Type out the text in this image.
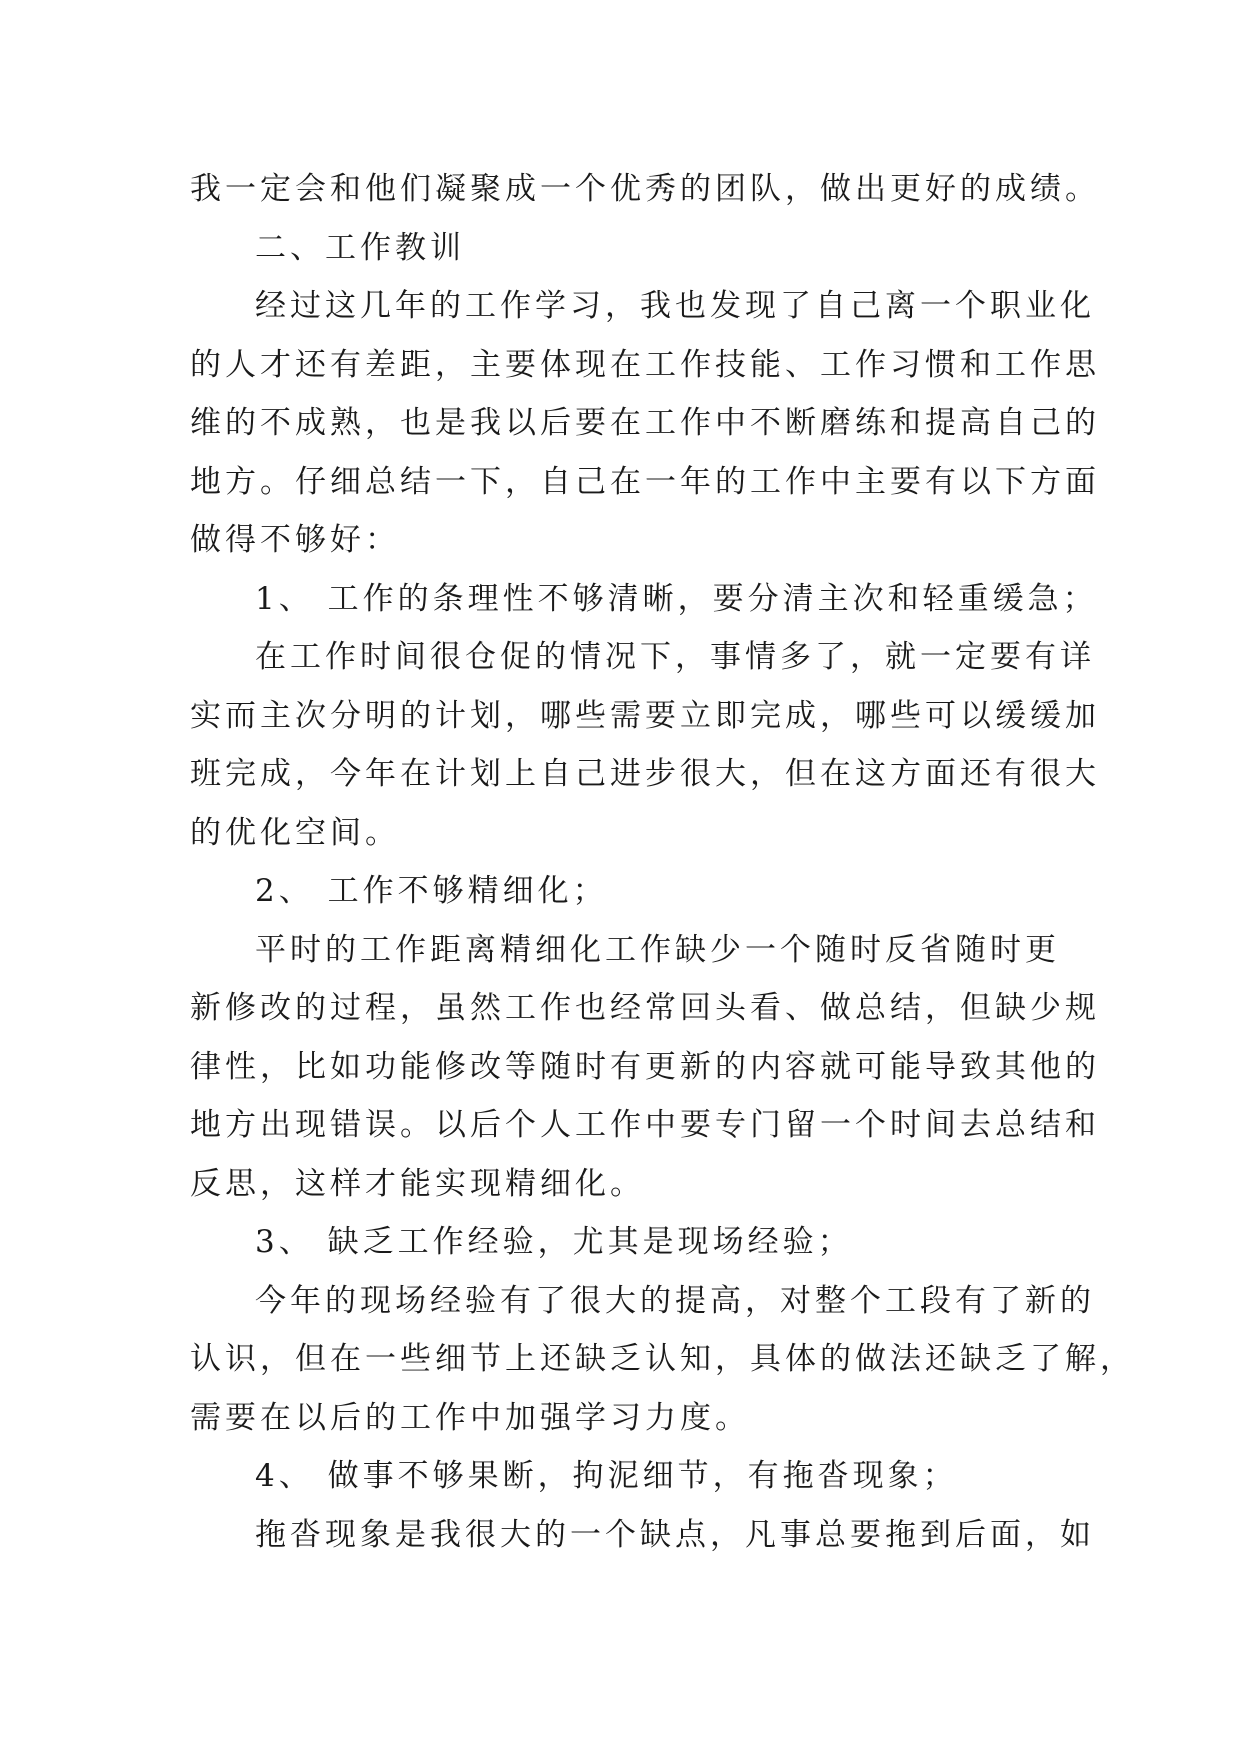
我一定会和他们凝聚成一个优秀的团队，做出更好的成绩。
二、工作教训
经过这几年的工作学习，我也发现了自己离一个职业化
的人才还有差距，主要体现在工作技能、工作习惯和工作思
维的不成熟，也是我以后要在工作中不断磨练和提高自己的
地方。仔细总结一下，自己在一年的工作中主要有以下方面
做得不够好：
1、 工作的条理性不够清晰，要分清主次和轻重缓急；
在工作时间很仓促的情况下，事情多了，就一定要有详
实而主次分明的计划，哪些需要立即完成，哪些可以缓缓加
班完成，今年在计划上自己进步很大，但在这方面还有很大
的优化空间。
2、 工作不够精细化；
平时的工作距离精细化工作缺少一个随时反省随时更
新修改的过程，虽然工作也经常回头看、做总结，但缺少规
律性，比如功能修改等随时有更新的内容就可能导致其他的
地方出现错误。以后个人工作中要专门留一个时间去总结和
反思，这样才能实现精细化。
3、 缺乏工作经验，尤其是现场经验；
今年的现场经验有了很大的提高，对整个工段有了新的
认识，但在一些细节上还缺乏认知，具体的做法还缺乏了解，
需要在以后的工作中加强学习力度。
4、 做事不够果断，拘泥细节，有拖沓现象；
拖沓现象是我很大的一个缺点，凡事总要拖到后面，如
